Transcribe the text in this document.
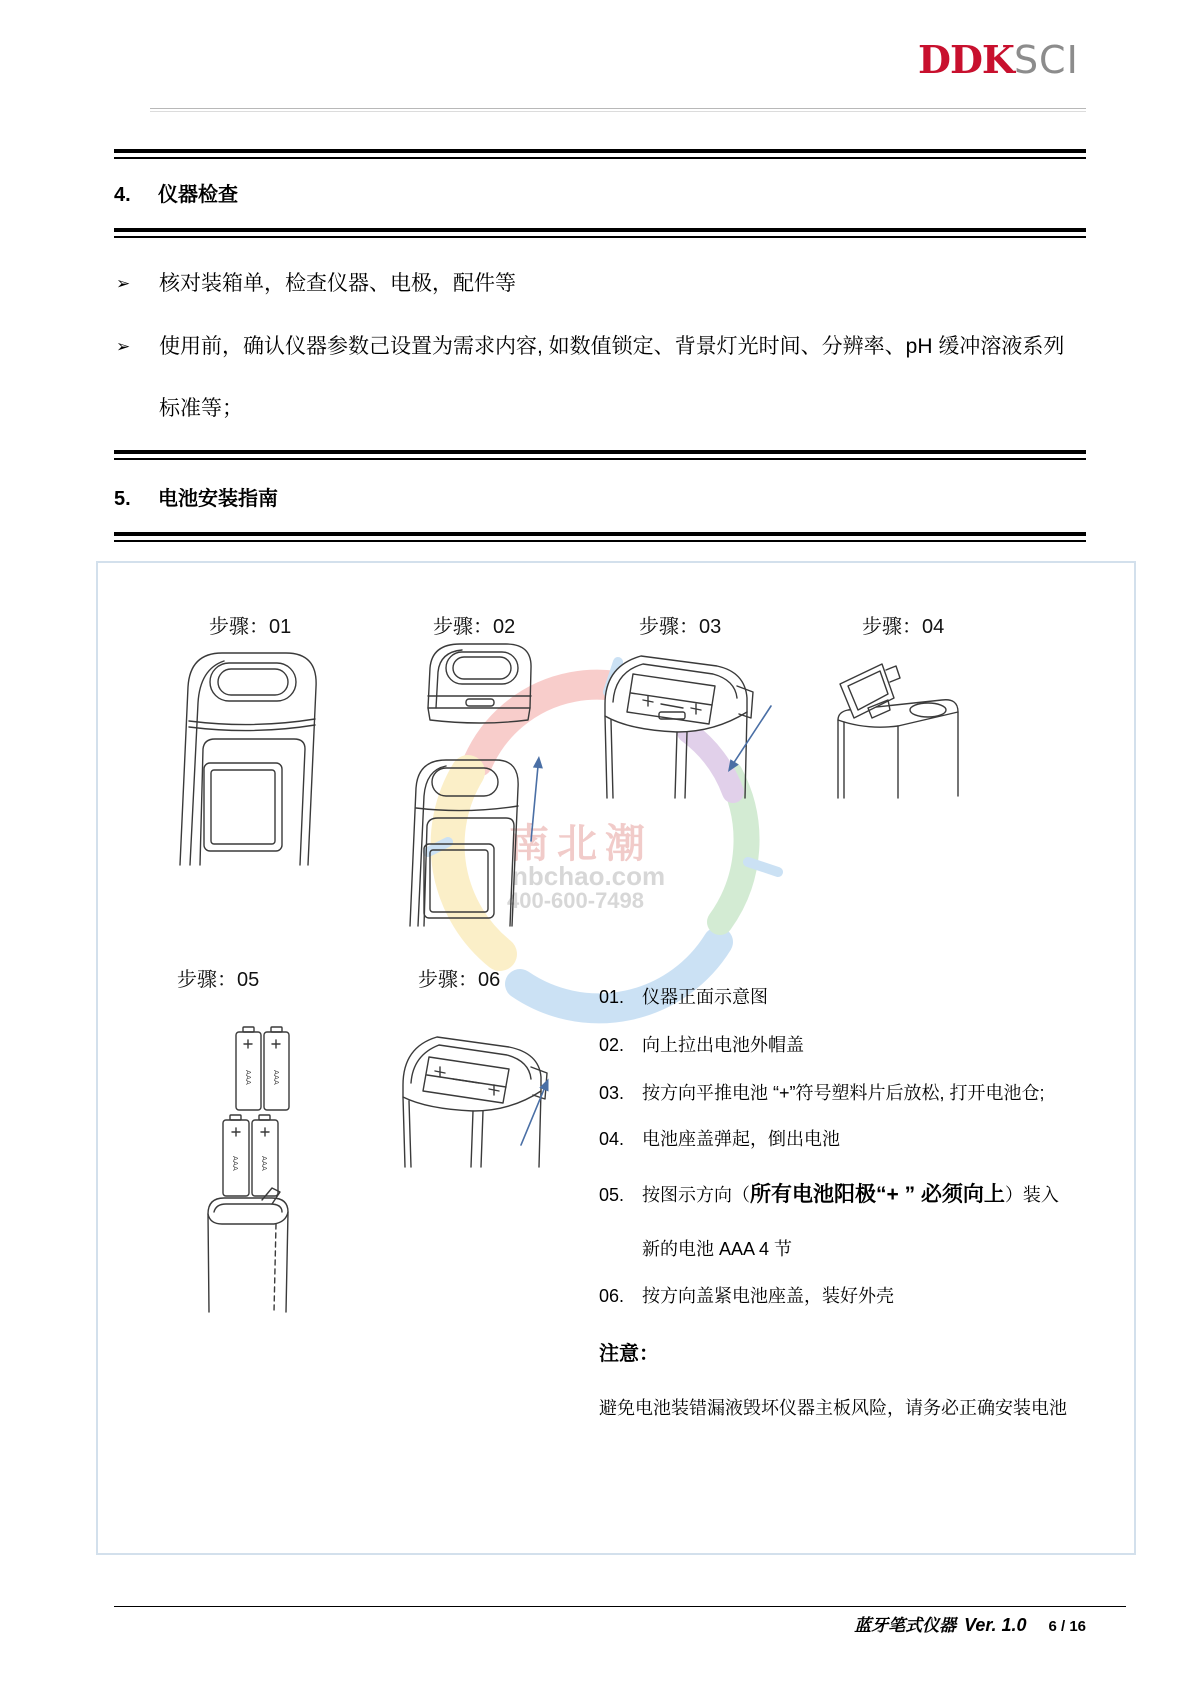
DDKSCI
4. 仪器检查
➢ 核对装箱单，检查仪器、电极，配件等
➢ 使用前，确认仪器参数己设置为需求内容, 如数值锁定、背景灯光时间、分辨率、pH 缓冲溶液系列
标准等；
5. 电池安装指南
南北潮
nbchao.com
400-600-7498
步骤：01	步骤：02	步骤：03	步骤：04
步骤：05	步骤：06
AAA	AAA
AAA	AAA
01. 仪器正面示意图
02. 向上拉出电池外帽盖
03. 按方向平推电池 “+”符号塑料片后放松, 打开电池仓;
04. 电池座盖弹起，倒出电池
05. 按图示方向（所有电池阳极“+ ” 必须向上）装入
新的电池 AAA 4 节
06. 按方向盖紧电池座盖，装好外壳
注意：
避免电池装错漏液毁坏仪器主板风险，请务必正确安装电池
蓝牙笔式仪器 Ver. 1.0 6 / 16
